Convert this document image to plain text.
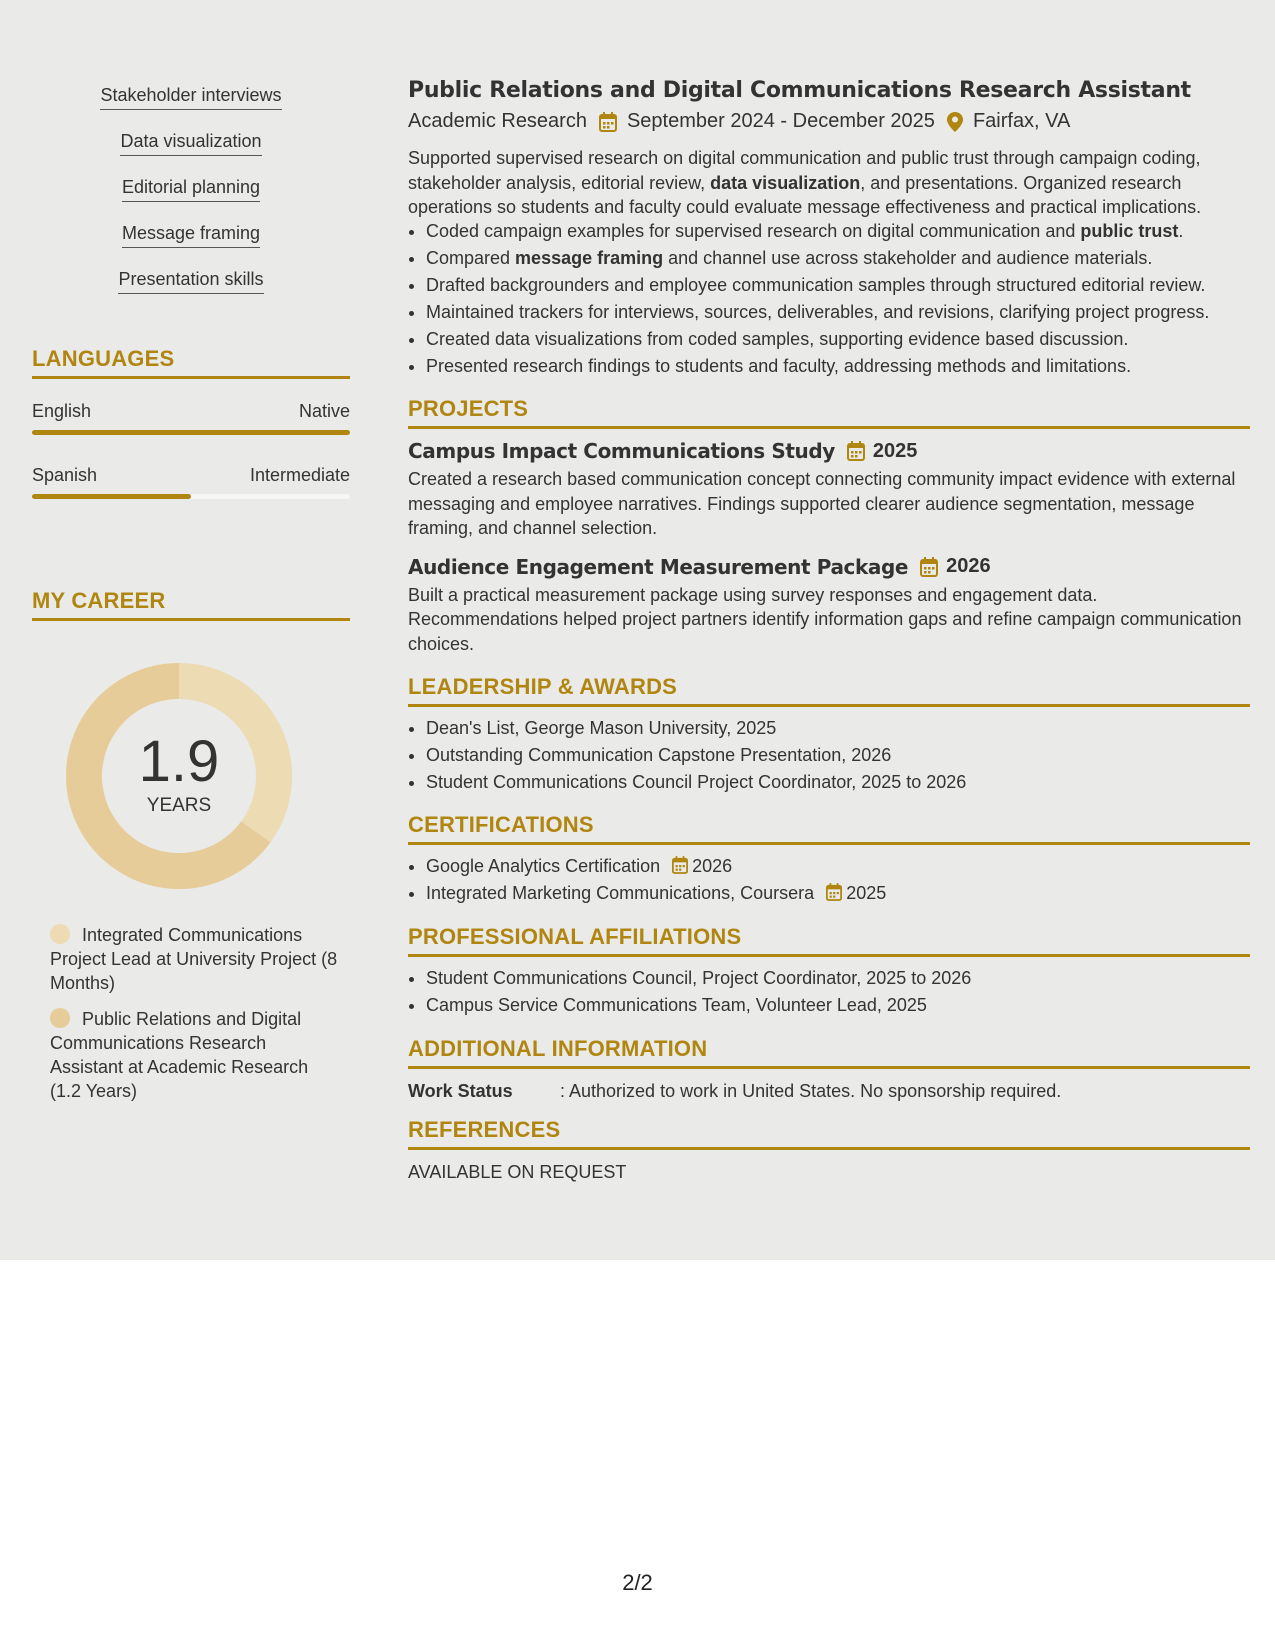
Stakeholder interviews
Data visualization
Editorial planning
Message framing
Presentation skills
LANGUAGES
English	Native
Spanish	Intermediate
MY CAREER
1.9
YEARS
Integrated Communications Project Lead at University Project (8 Months)
Public Relations and Digital Communications Research Assistant at Academic Research (1.2 Years)
Public Relations and Digital Communications Research Assistant
Academic Research September 2024 - December 2025 Fairfax, VA
Supported supervised research on digital communication and public trust through campaign coding, stakeholder analysis, editorial review, data visualization, and presentations. Organized research operations so students and faculty could evaluate message effectiveness and practical implications.
• Coded campaign examples for supervised research on digital communication and public trust.
• Compared message framing and channel use across stakeholder and audience materials.
• Drafted backgrounders and employee communication samples through structured editorial review.
• Maintained trackers for interviews, sources, deliverables, and revisions, clarifying project progress.
• Created data visualizations from coded samples, supporting evidence based discussion.
• Presented research findings to students and faculty, addressing methods and limitations.
PROJECTS
Campus Impact Communications Study 2025
Created a research based communication concept connecting community impact evidence with external messaging and employee narratives. Findings supported clearer audience segmentation, message framing, and channel selection.
Audience Engagement Measurement Package 2026
Built a practical measurement package using survey responses and engagement data. Recommendations helped project partners identify information gaps and refine campaign communication choices.
LEADERSHIP & AWARDS
• Dean's List, George Mason University, 2025
• Outstanding Communication Capstone Presentation, 2026
• Student Communications Council Project Coordinator, 2025 to 2026
CERTIFICATIONS
• Google Analytics Certification 2026
• Integrated Marketing Communications, Coursera 2025
PROFESSIONAL AFFILIATIONS
• Student Communications Council, Project Coordinator, 2025 to 2026
• Campus Service Communications Team, Volunteer Lead, 2025
ADDITIONAL INFORMATION
Work Status	: Authorized to work in United States. No sponsorship required.
REFERENCES
AVAILABLE ON REQUEST
2/2
